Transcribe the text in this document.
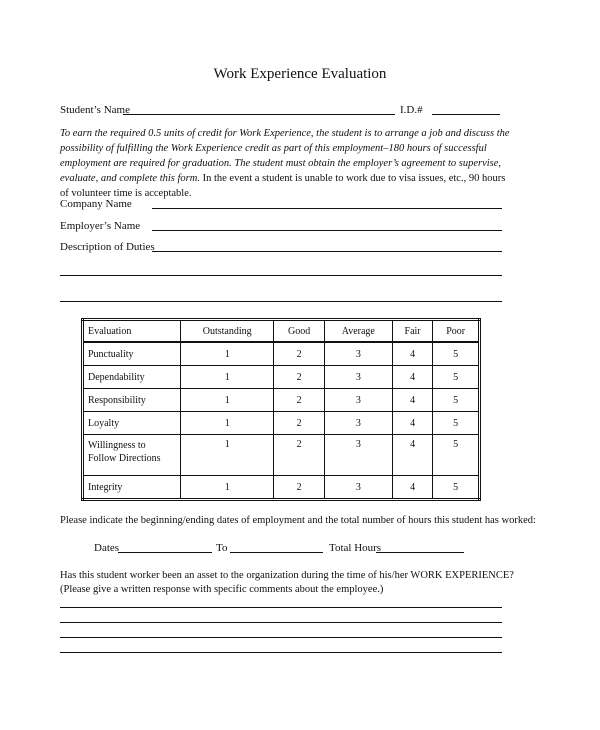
Work Experience Evaluation
Student’s Name	I.D.#
To earn the required 0.5 units of credit for Work Experience, the student is to arrange a job and discuss the possibility of fulfilling the Work Experience credit as part of this employment–180 hours of successful employment are required for graduation. The student must obtain the employer’s agreement to supervise, evaluate, and complete this form. In the event a student is unable to work due to visa issues, etc., 90 hours of volunteer time is acceptable.
Company Name
Employer’s Name
Description of Duties
Evaluation	Outstanding	Good	Average	Fair	Poor
Punctuality	1	2	3	4	5
Dependability	1	2	3	4	5
Responsibility	1	2	3	4	5
Loyalty	1	2	3	4	5
Willingness to Follow Directions	1	2	3	4	5
Integrity	1	2	3	4	5
Please indicate the beginning/ending dates of employment and the total number of hours this student has worked:
Dates	To	Total Hours
Has this student worker been an asset to the organization during the time of his/her WORK EXPERIENCE?
(Please give a written response with specific comments about the employee.)
